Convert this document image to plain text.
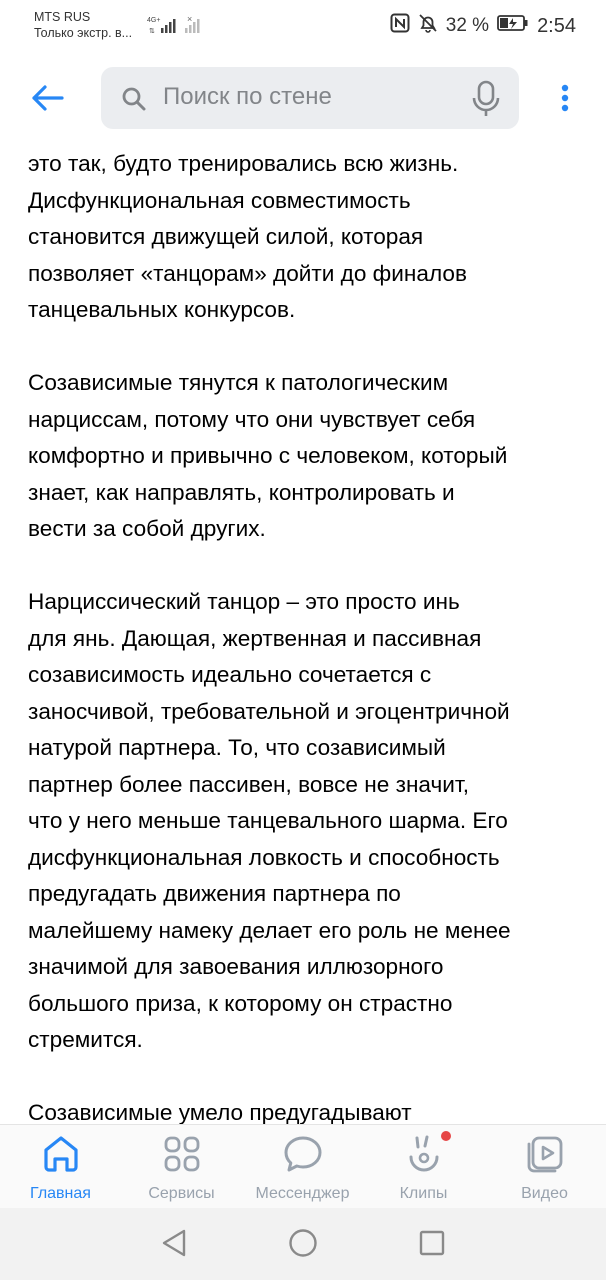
MTS RUS
Только экстр. в...
4G+
⇅
×	32 % 2:54
Поиск по стене

это так, будто тренировались всю жизнь.
Дисфункциональная совместимость
становится движущей силой, которая
позволяет «танцорам» дойти до финалов
танцевальных конкурсов.

Созависимые тянутся к патологическим
нарциссам, потому что они чувствует себя
комфортно и привычно с человеком, который
знает, как направлять, контролировать и
вести за собой других.

Нарциссический танцор – это просто инь
для янь. Дающая, жертвенная и пассивная
созависимость идеально сочетается с
заносчивой, требовательной и эгоцентричной
натурой партнера. То, что созависимый
партнер более пассивен, вовсе не значит,
что у него меньше танцевального шарма. Его
дисфункциональная ловкость и способность
предугадать движения партнера по
малейшему намеку делает его роль не менее
значимой для завоевания иллюзорного
большого приза, к которому он страстно
стремится.

Созависимые умело предугадывают

Главная	Сервисы	Мессенджер	Клипы	Видео
